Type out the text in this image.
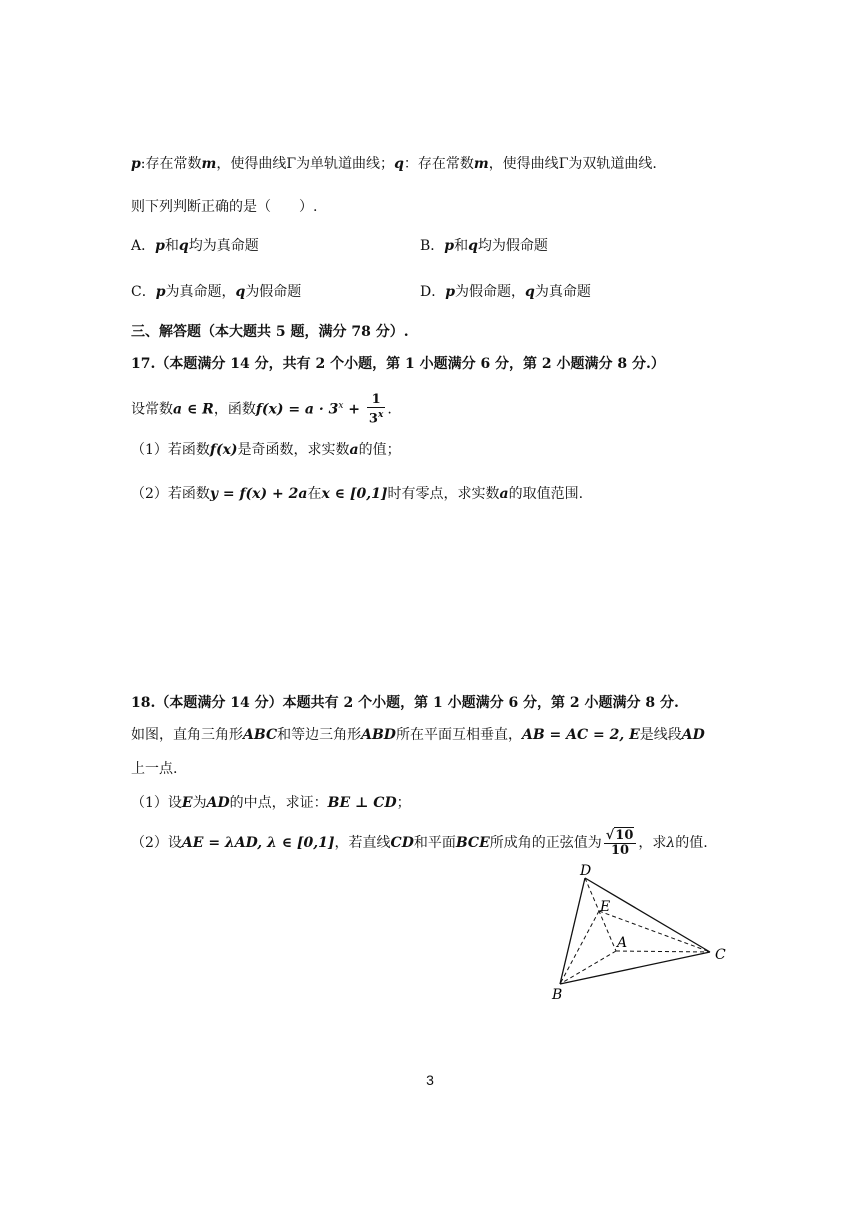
p:存在常数m，使得曲线Γ为单轨道曲线；q：存在常数m，使得曲线Γ为双轨道曲线.
则下列判断正确的是（　　）.
A．p和q均为真命题	B．p和q均为假命题
C．p为真命题，q为假命题	D．p为假命题，q为真命题
三、解答题（本大题共 5 题，满分 78 分）.
17.（本题满分 14 分，共有 2 个小题，第 1 小题满分 6 分，第 2 小题满分 8 分.）
设常数a ∈ R，函数$f(x) = a \cdot 3^x + \frac{1}{3^x}$ .
（1）若函数f(x)是奇函数，求实数a的值；
（2）若函数y = f(x) + 2a在x ∈ [0,1]时有零点，求实数a的取值范围.
18.（本题满分 14 分）本题共有 2 个小题，第 1 小题满分 6 分，第 2 小题满分 8 分.
如图，直角三角形ABC和等边三角形ABD所在平面互相垂直，AB = AC = 2, E是线段AD
上一点.
（1）设E为AD的中点，求证：BE ⊥ CD；
（2）设AE = λAD, λ ∈ [0,1]，若直线CD和平面BCE所成角的正弦值为 $\frac{√10}{10}$ ，求λ的值.
D
E
A
B
C
3
